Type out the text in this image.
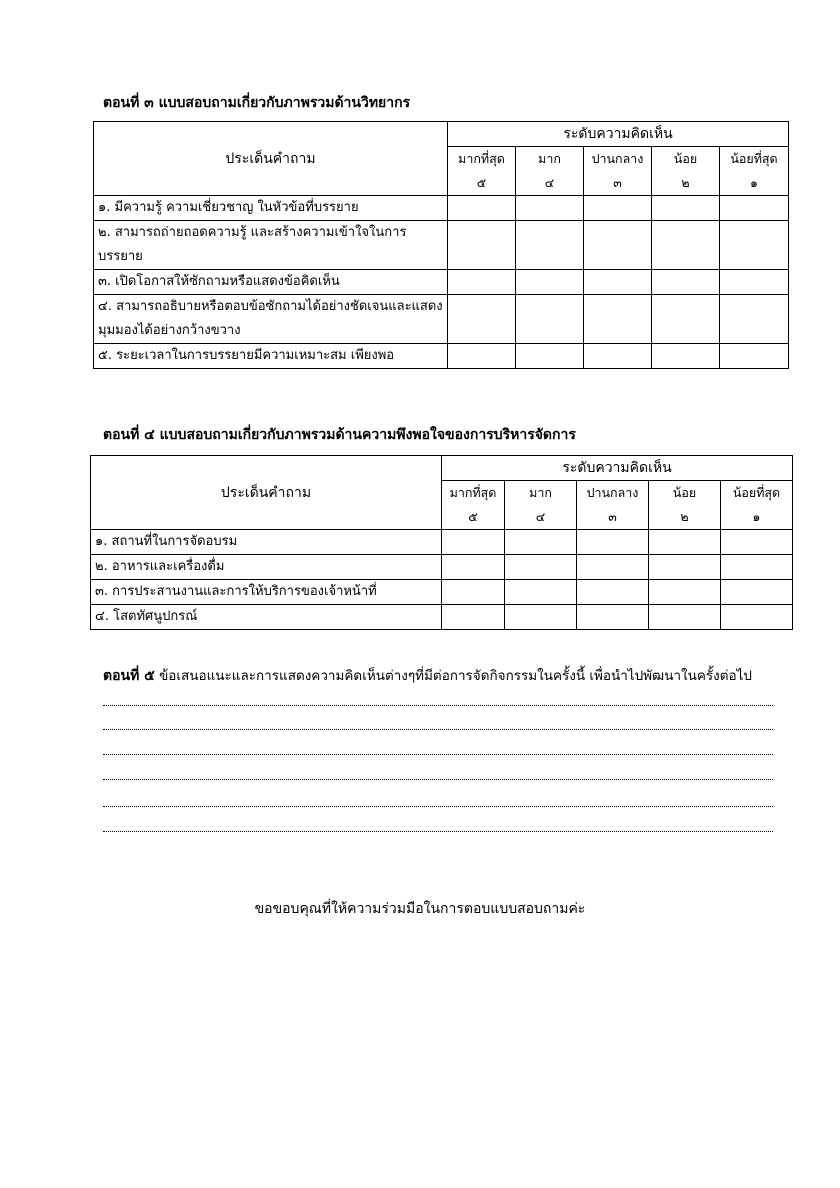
ตอนที่ ๓ แบบสอบถามเกี่ยวกับภาพรวมด้านวิทยากร
ประเด็นคำถาม	ระดับความคิดเห็น				
	มากที่สุด	มาก	ปานกลาง	น้อย	น้อยที่สุด
	๕	๔	๓	๒	๑
๑. มีความรู้ ความเชี่ยวชาญ ในหัวข้อที่บรรยาย					
๒. สามารถถ่ายถอดความรู้ และสร้างความเข้าใจในการบรรยาย					
๓. เปิดโอกาสให้ซักถามหรือแสดงข้อคิดเห็น					
๔. สามารถอธิบายหรือตอบข้อซักถามได้อย่างชัดเจนและแสดงมุมมองได้อย่างกว้างขวาง					
๕. ระยะเวลาในการบรรยายมีความเหมาะสม เพียงพอ					
ตอนที่ ๔ แบบสอบถามเกี่ยวกับภาพรวมด้านความพึงพอใจของการบริหารจัดการ
ประเด็นคำถาม	ระดับความคิดเห็น				
	มากที่สุด	มาก	ปานกลาง	น้อย	น้อยที่สุด
	๕	๔	๓	๒	๑
๑. สถานที่ในการจัดอบรม					
๒. อาหารและเครื่องดื่ม					
๓. การประสานงานและการให้บริการของเจ้าหน้าที่					
๔. โสตทัศนูปกรณ์					
ตอนที่ ๕ ข้อเสนอแนะและการแสดงความคิดเห็นต่างๆที่มีต่อการจัดกิจกรรมในครั้งนี้ เพื่อนำไปพัฒนาในครั้งต่อไป
ขอขอบคุณที่ให้ความร่วมมือในการตอบแบบสอบถามค่ะ
